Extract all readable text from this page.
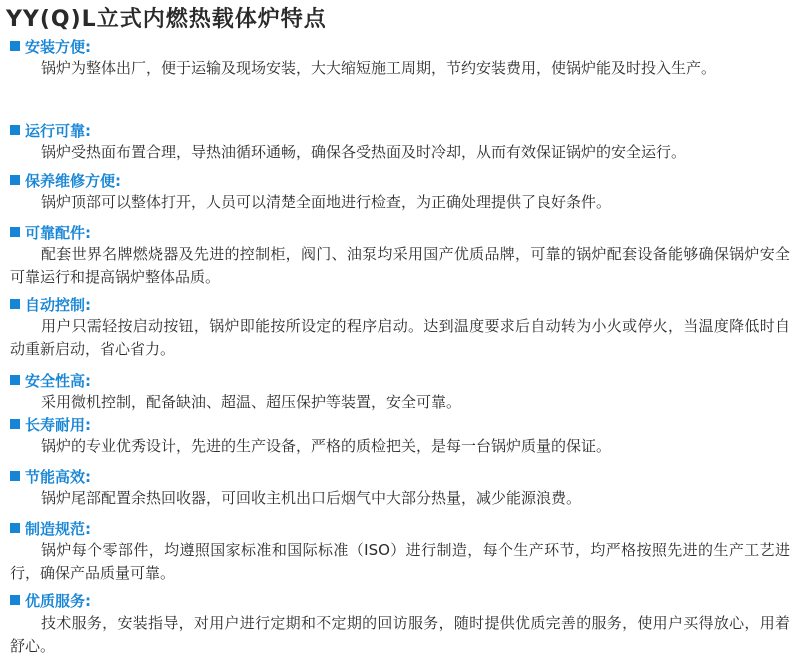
YY(Q)L立式内燃热载体炉特点
安装方便:
锅炉为整体出厂，便于运输及现场安装，大大缩短施工周期，节约安装费用，使锅炉能及时投入生产。
运行可靠:
锅炉受热面布置合理，导热油循环通畅，确保各受热面及时冷却，从而有效保证锅炉的安全运行。
保养维修方便:
锅炉顶部可以整体打开，人员可以清楚全面地进行检查，为正确处理提供了良好条件。
可靠配件:
配套世界名牌燃烧器及先进的控制柜，阀门、油泵均采用国产优质品牌，可靠的锅炉配套设备能够确保锅炉安全可靠运行和提高锅炉整体品质。
自动控制:
用户只需轻按启动按钮，锅炉即能按所设定的程序启动。达到温度要求后自动转为小火或停火，当温度降低时自动重新启动，省心省力。
安全性高:
采用微机控制，配备缺油、超温、超压保护等装置，安全可靠。
长寿耐用:
锅炉的专业优秀设计，先进的生产设备，严格的质检把关，是每一台锅炉质量的保证。
节能高效:
锅炉尾部配置余热回收器，可回收主机出口后烟气中大部分热量，减少能源浪费。
制造规范:
锅炉每个零部件，均遵照国家标准和国际标准（ISO）进行制造，每个生产环节，均严格按照先进的生产工艺进行，确保产品质量可靠。
优质服务:
技术服务，安装指导，对用户进行定期和不定期的回访服务，随时提供优质完善的服务，使用户买得放心，用着舒心。
